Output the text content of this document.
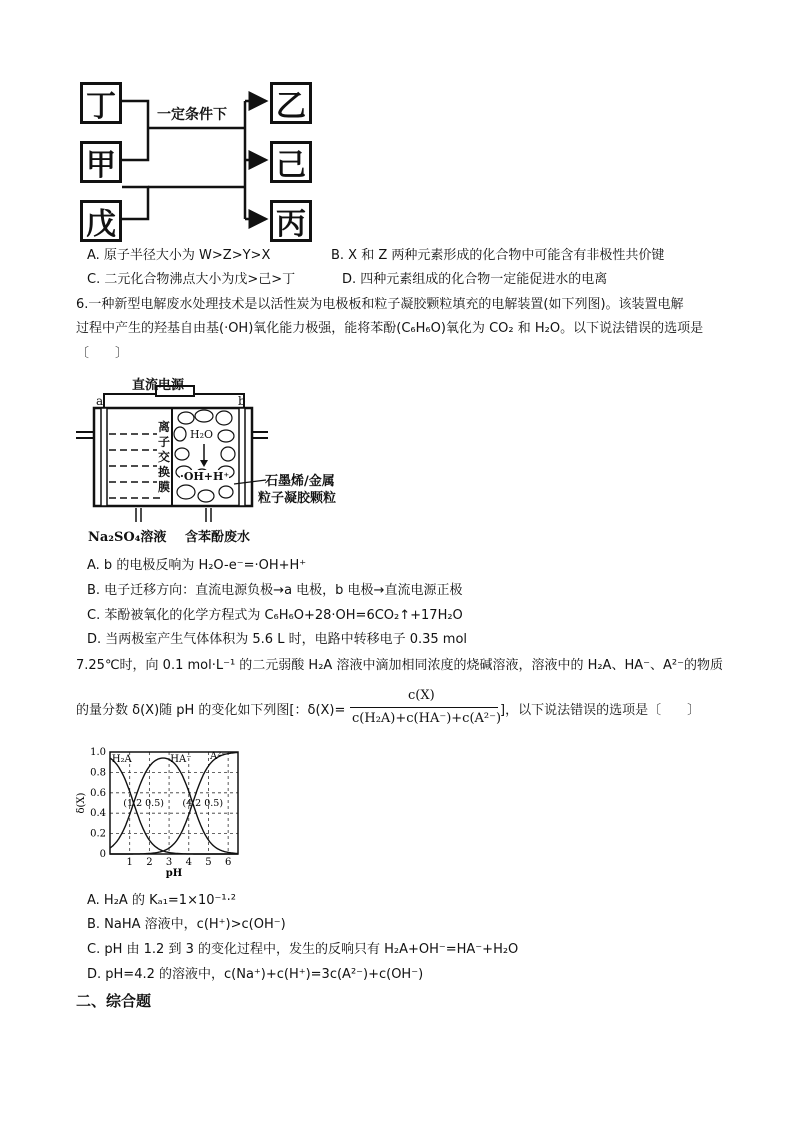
丁
甲
戊
乙
己
丙
一定条件下
A. 原子半径大小为 W>Z>Y>X	B. X 和 Z 两种元素形成的化合物中可能含有非极性共价键
C. 二元化合物沸点大小为戊>己>丁	D. 四种元素组成的化合物一定能促进水的电离
6.一种新型电解废水处理技术是以活性炭为电极板和粒子凝胶颗粒填充的电解装置(如下列图)。该装置电解
过程中产生的羟基自由基(·OH)氧化能力极强，能将苯酚(C₆H₆O)氧化为 CO₂ 和 H₂O。以下说法错误的选项是
〔　　〕
直流电源
a	b
离
子
交
换
膜
H₂O
·OH+H⁺	石墨烯/金属
粒子凝胶颗粒
Na₂SO₄溶液 含苯酚废水
A. b 的电极反响为 H₂O-e⁻=·OH+H⁺
B. 电子迁移方向：直流电源负极→a 电极，b 电极→直流电源正极
C. 苯酚被氧化的化学方程式为 C₆H₆O+28·OH=6CO₂↑+17H₂O
D. 当两极室产生气体体积为 5.6 L 时，电路中转移电子 0.35 mol
7.25℃时，向 0.1 mol·L⁻¹ 的二元弱酸 H₂A 溶液中滴加相同浓度的烧碱溶液，溶液中的 H₂A、HA⁻、A²⁻的物质
的量分数 δ(X)随 pH 的变化如下列图[：δ(X)=
c(X)
c(H₂A)+c(HA⁻)+c(A²⁻)
]，以下说法错误的选项是〔　　〕
1 2 3 4 5 6
0
0.2
0.4
0.6
0.8
1.0
pH
δ(X)
H₂A	HA⁻ A²⁻
(1.2 0.5) (4.2 0.5)
A. H₂A 的 Kₐ₁=1×10⁻¹·²
B. NaHA 溶液中，c(H⁺)>c(OH⁻)
C. pH 由 1.2 到 3 的变化过程中，发生的反响只有 H₂A+OH⁻=HA⁻+H₂O
D. pH=4.2 的溶液中，c(Na⁺)+c(H⁺)=3c(A²⁻)+c(OH⁻)
二、综合题
